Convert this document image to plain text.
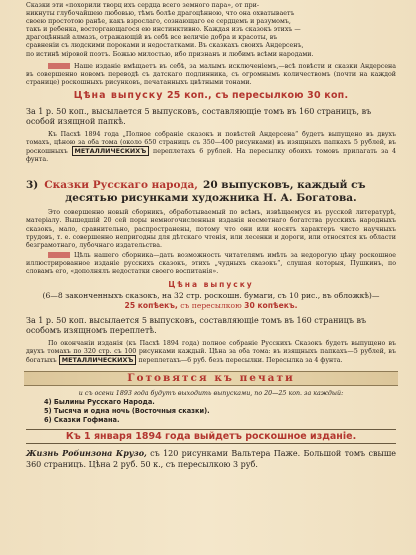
Сказки эти «похорили творц ихъ сердца всего земного пара», от при-

никнуты глубочайшею любовью, тѣмъ болѣе драгоцѣнною, что она охватываетъ

своею простотою ранѣе, какъ взрослаго, сознающаго ее сердцемъ и разумомъ,

такъ и ребенка, восторгающагося ею инстинктивно. Каждая изъ сказокъ этихъ —

драгоцѣнный алмазъ, отражающій въ себѣ все величіе добра и красоты, въ

сравненіи съ людскими пороками и недостатками. Въ сказкахъ своихъ Андерсенъ,

по истинѣ міровой поэтъ. Божью милостью, ибо признанъ и любимъ всѣми народами.

Наше изданіе вмѣщаетъ въ себѣ, за малымъ исключеніемъ,—всѣ повѣсти и сказки Андерсена въ совершенно новомъ переводѣ съ датскаго подлинника, съ огромнымъ количествомъ (почти на каждой странице) роскошныхъ рисунковъ, печатанныхъ цвѣтными тонами.

Цѣна выпуску 25 коп., съ пересылкою 30 коп.

За 1 р. 50 коп., высылается 5 выпусковъ, составляющіе томъ въ 160 страницъ, въ особой изящной папкѣ.

Къ Пасхѣ 1894 года „Полное собраніе сказокъ и повѣстей Андерсена“ будетъ выпущено въ двухъ томахъ, цѣною за оба тома (около 650 страницъ съ 350—400 рисунками) въ изящныхъ папкахъ 5 рублей, въ роскошныхъ МЕТАЛЛИЧЕСКИХЪ переплетахъ 6 рублей. На пересылку обоихъ томовъ прилагать за 4 фунта.

3) Сказки Русскаго народа,
20 выпусковъ, каждый съ

десятью рисунками художника Н. А. Богатова.

Это совершенно новый сборникъ, обработываемый по всѣмъ, извѣщаемуся въ русской литературѣ, матеріалу. Вышедшій 20 сей поры немногочисленныя изданія несметнаго богатства русскихъ народныхъ сказокъ, мало, сравнительно, распространены, потому что они или носятъ характеръ чисто научныхъ трудовъ, т. е. совершенно непригодны для дѣтскаго чтенія, или лесенки и дороги, или относятся къ области безграмотнаго, лубочнаго издательства.

Цѣль нашего сборника—дать возможность читателямъ имѣть за недорогую цѣну роскошное иллюстрированное изданіе русскихъ сказокъ, этихъ „чудныхъ сказокъ“, слушая которыя, Пушкинъ, по словамъ его, «дополнялъ недостатки своего воспитанія».

Цѣна выпуску

(6—8 законченныхъ сказокъ, на 32 стр. роскошн. бумаги, съ 10 рис., въ обложкѣ)—
25 копѣекъ, съ пересылкою 30 копѣекъ.

За 1 р. 50 коп. высылается 5 выпусковъ, составляющіе томъ въ 160 страницъ въ особомъ изящномъ переплетѣ.

По окончаніи изданія (къ Пасхѣ 1894 года) полное собраніе Русскихъ Сказокъ будетъ выпущено въ двухъ томахъ по 320 стр. съ 100 рисунками каждый. Цѣна за оба тома: въ изящныхъ папкахъ—5 рублей, въ богатыхъ МЕТАЛЛИЧЕСКИХЪ переплетахъ—6 руб. безъ пересылки. Пересылка за 4 фунта.

Готовятся къ печати

и съ осени 1893 года будутъ выходить выпусками, по 20—25 коп. за каждый:

4) Былины Русскаго Народа.

5) Тысяча и одна ночь (Восточныя сказки).

6) Сказки Гофмана.

Къ 1 января 1894 года выйдетъ роскошное изданіе.

Жизнь Робинзона Крузо, съ 120 рисунками Вальтера Паже. Большой томъ свыше 360 страницъ. Цѣна 2 руб. 50 к., съ пересылкою 3 руб.
